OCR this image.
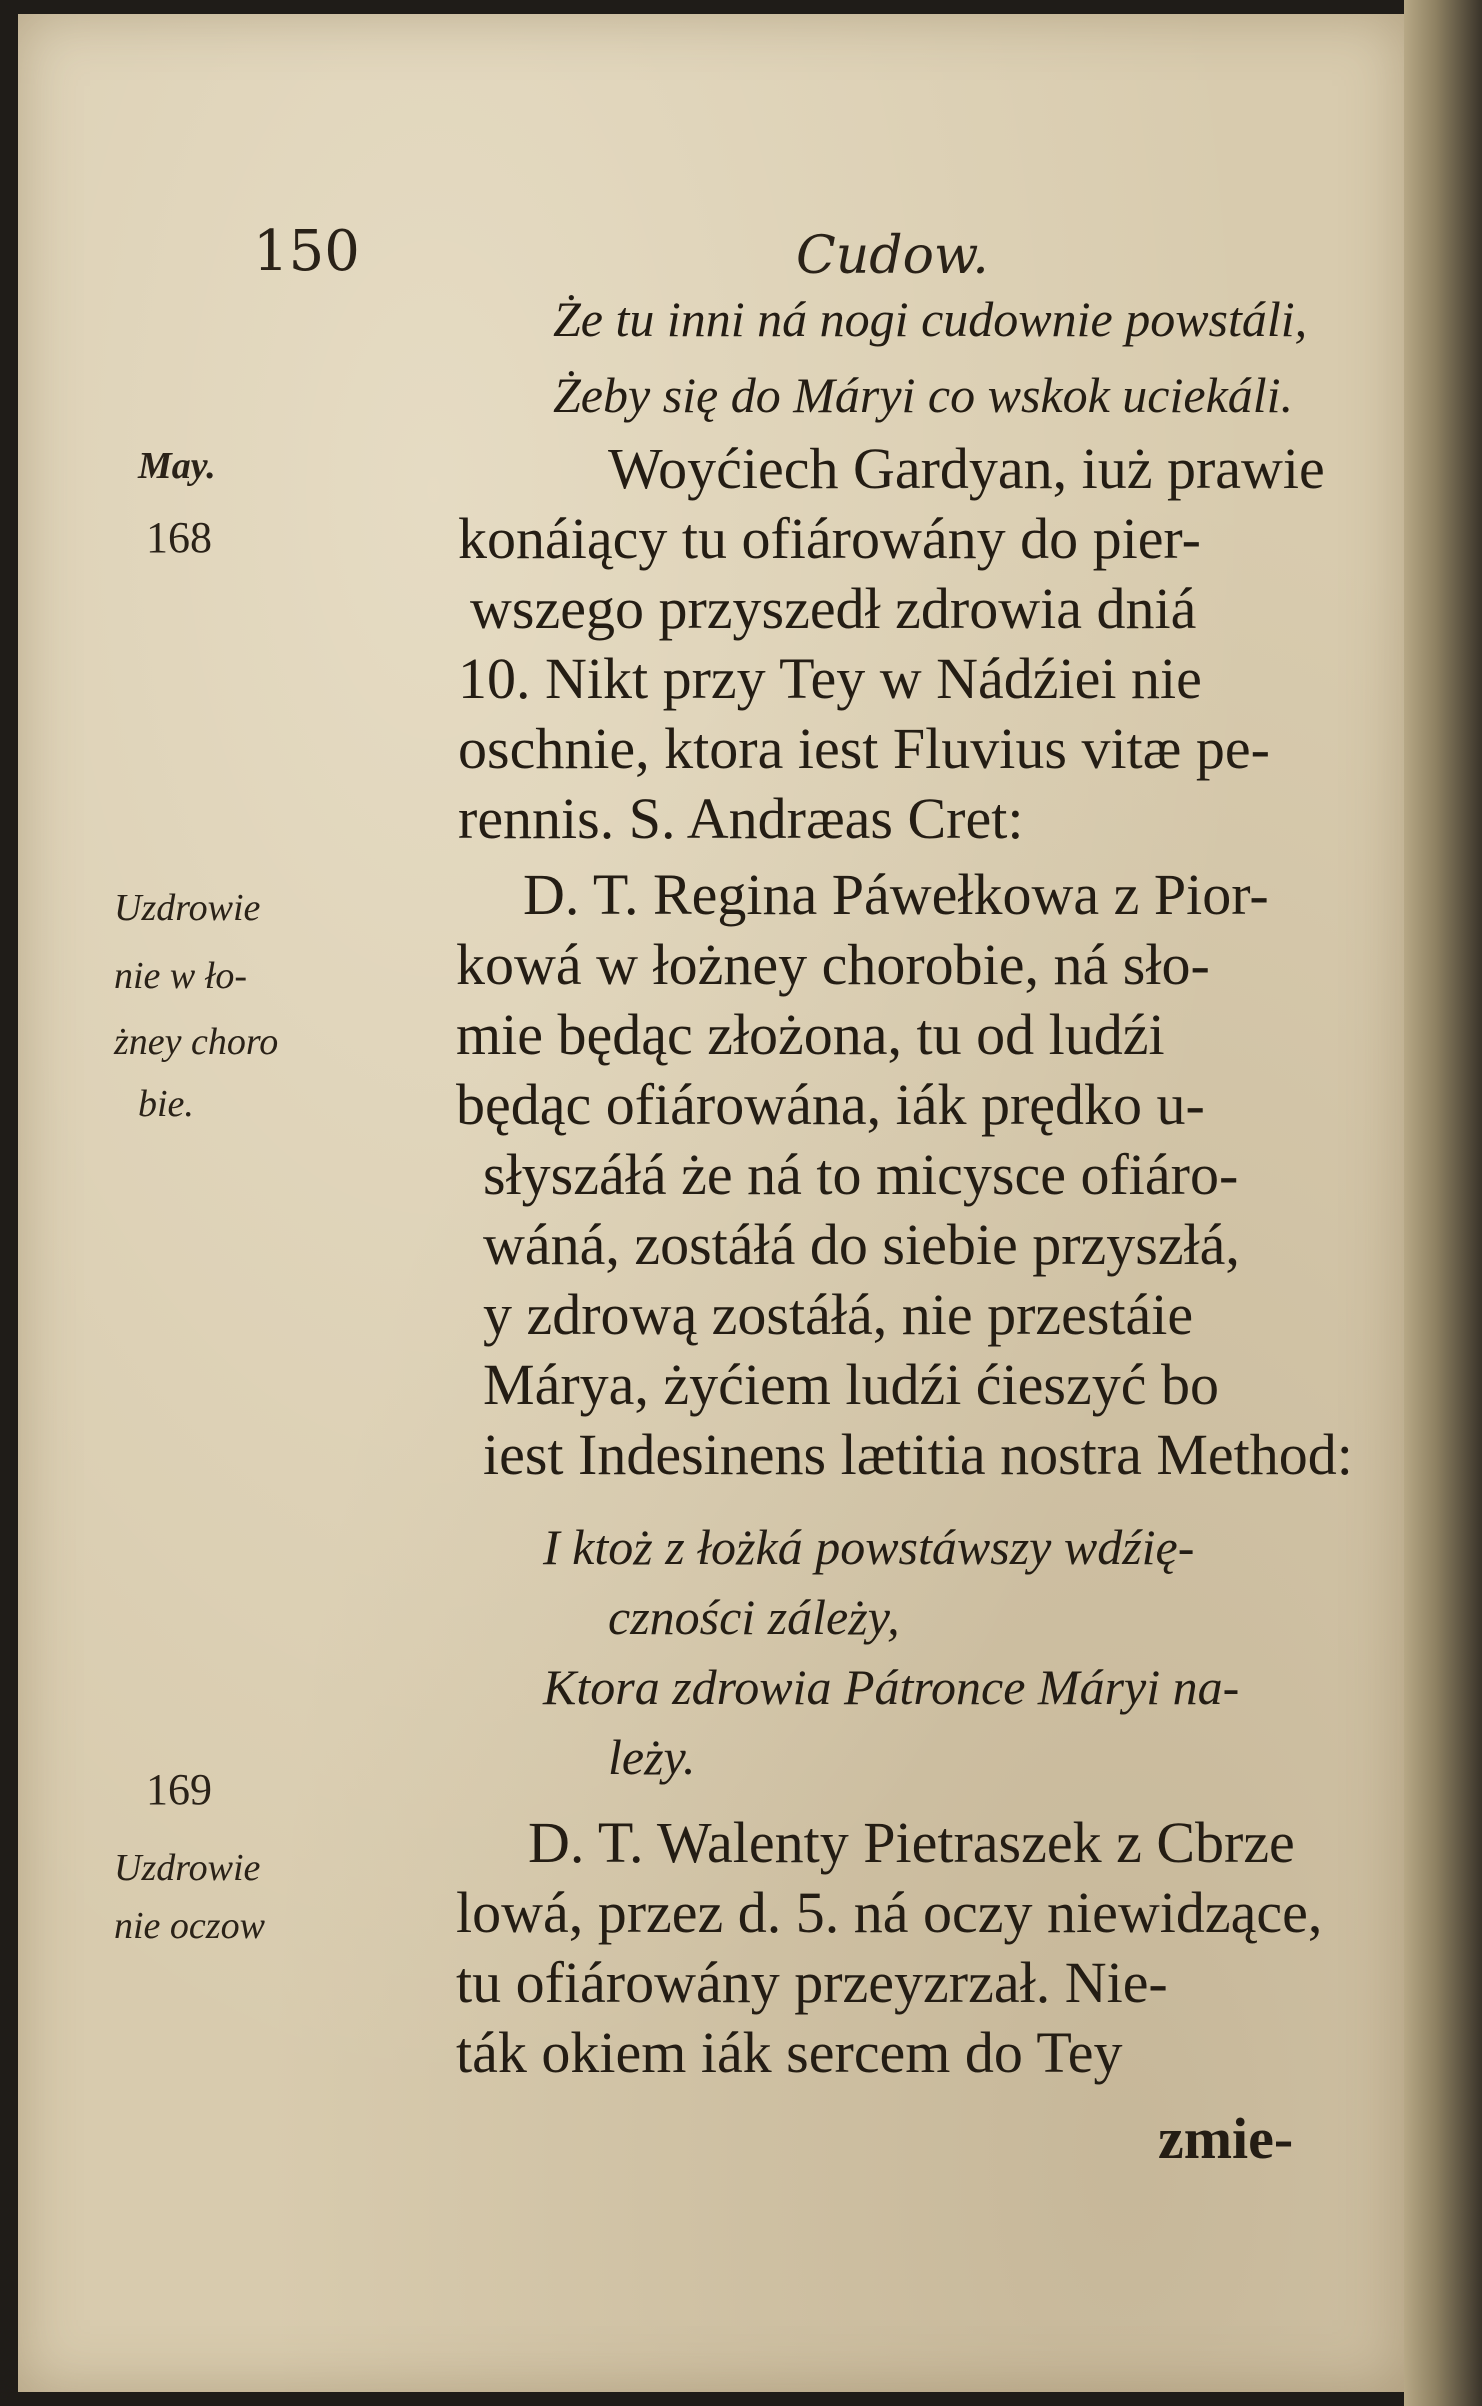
150	Cudow.
May.
168
Uzdrowie
nie w ło-
żney choro
bie.
169
Uzdrowie
nie oczow
Że tu inni ná nogi cudownie powstáli,
Żeby się do Máryi co wskok uciekáli.
Woyćiech Gardyan, iuż prawie
konáiący tu ofiárowány do pier-
wszego przyszedł zdrowia dniá
10. Nikt przy Tey w Nádźiei nie
oschnie, ktora iest Fluvius vitæ pe-
rennis. S. Andræas Cret:
D. T. Regina Páwełkowa z Pior-
kowá w łożney chorobie, ná sło-
mie będąc złożona, tu od ludźi
będąc ofiárowána, iák prędko u-
słyszáłá że ná to micysce ofiáro-
wáná, zostáłá do siebie przyszłá,
y zdrową zostáłá, nie przestáie
Márya, żyćiem ludźi ćieszyć bo
iest Indesinens lætitia nostra Method:
I ktoż z łożká powstáwszy wdźię-
czności záleży,
Ktora zdrowia Pátronce Máryi na-
leży.
D. T. Walenty Pietraszek z Cbrze
lowá, przez d. 5. ná oczy niewidzące,
tu ofiárowány przeyzrzał. Nie-
ták okiem iák sercem do Tey
zmie-
